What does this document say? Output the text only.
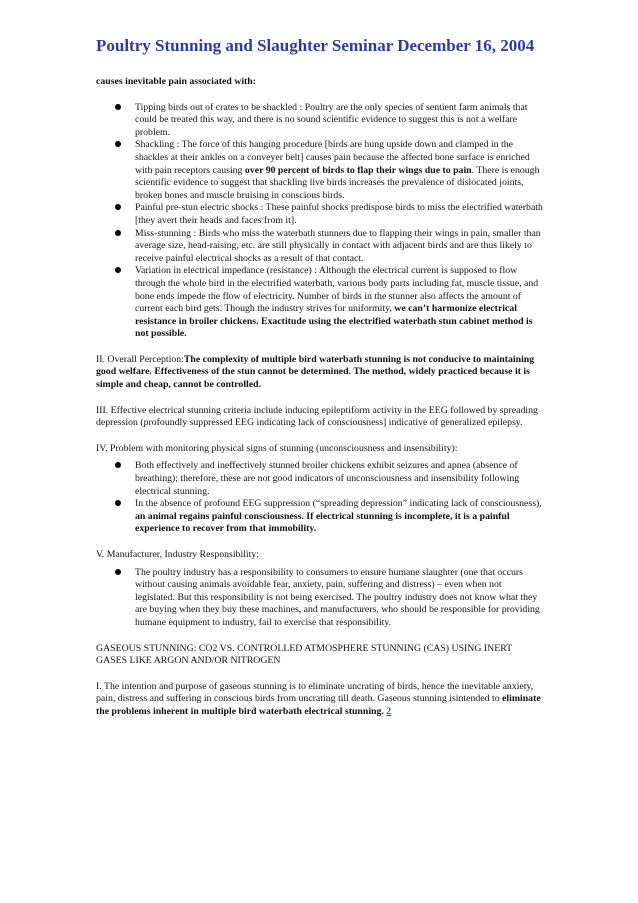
Poultry Stunning and Slaughter Seminar December 16, 2004

causes inevitable pain associated with:

Tipping birds out of crates to be shackled : Poultry are the only species of sentient farm animals that could be treated this way, and there is no sound scientific evidence to suggest this is not a welfare problem.
Shackling : The force of this hanging procedure [birds are hung upside down and clamped in the shackles at their ankles on a conveyer belt] causes pain because the affected bone surface is enriched with pain receptors causing over 90 percent of birds to flap their wings due to pain. There is enough scientific evidence to suggest that shackling live birds increases the prevalence of dislocated joints, broken bones and muscle bruising in conscious birds.
Painful pre-stun electric shocks : These painful shocks predispose birds to miss the electrified waterbath [they avert their heads and faces from it].
Miss-stunning : Birds who miss the waterbath stunners due to flapping their wings in pain, smaller than average size, head-raising, etc. are still physically in contact with adjacent birds and are thus likely to receive painful electrical shocks as a result of that contact.
Variation in electrical impedance (resistance) : Although the electrical current is supposed to flow through the whole bird in the electrified waterbath, various body parts including fat, muscle tissue, and bone ends impede the flow of electricity. Number of birds in the stunner also affects the amount of current each bird gets. Though the industry strives for uniformity, we can’t harmonize electrical resistance in broiler chickens. Exactitude using the electrified waterbath stun cabinet method is not possible.

II. Overall Perception:The complexity of multiple bird waterbath stunning is not conducive to maintaining good welfare. Effectiveness of the stun cannot be determined. The method, widely practiced because it is simple and cheap, cannot be controlled.

III. Effective electrical stunning criteria include inducing epileptiform activity in the EEG followed by spreading depression (profoundly suppressed EEG indicating lack of consciousness] indicative of generalized epilepsy.

IV. Problem with monitoring physical signs of stunning (unconsciousness and insensibility):

Both effectively and ineffectively stunned broiler chickens exhibit seizures and apnea (absence of breathing); therefore, these are not good indicators of unconsciousness and insensibility following electrical stunning.
In the absence of profound EEG suppression (“spreading depression” indicating lack of consciousness), an animal regains painful consciousness. If electrical stunning is incomplete, it is a painful experience to recover from that immobility.

V. Manufacturer, Industry Responsibility:

The poultry industry has a responsibility to consumers to ensure humane slaughter (one that occurs without causing animals avoidable fear, anxiety, pain, suffering and distress) – even when not legislated. But this responsibility is not being exercised. The poultry industry does not know what they are buying when they buy these machines, and manufacturers, who should be responsible for providing humane equipment to industry, fail to exercise that responsibility.

GASEOUS STUNNING: CO2 VS. CONTROLLED ATMOSPHERE STUNNING (CAS) USING INERT GASES LIKE ARGON AND/OR NITROGEN

I. The intention and purpose of gaseous stunning is to eliminate uncrating of birds, hence the inevitable anxiety, pain, distress and suffering in conscious birds from uncrating till death. Gaseous stunning isintended to eliminate the problems inherent in multiple bird waterbath electrical stunning. 2
